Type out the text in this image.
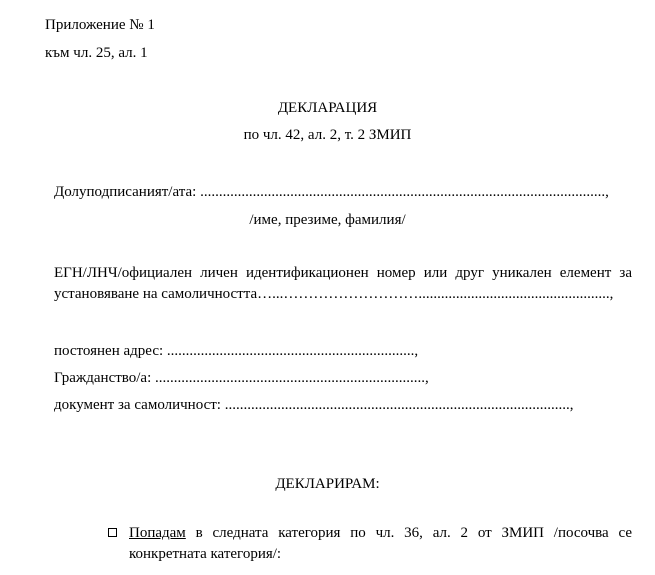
Приложение № 1
към чл. 25, ал. 1
ДЕКЛАРАЦИЯ
по чл. 42, ал. 2, т. 2 ЗМИП
Долуподписаният/ата: ............................................................................................................,
/име, презиме, фамилия/
ЕГН/ЛНЧ/официален личен идентификационен номер или друг уникален елемент за
установяване на самоличността…...………………………...................................................,
постоянен адрес: ..................................................................,
Гражданство/а: ........................................................................,
документ за самоличност: ............................................................................................,
ДЕКЛАРИРАМ:
Попадам в следната категория по чл. 36, ал. 2 от ЗМИП /посочва се
конкретната категория/:
